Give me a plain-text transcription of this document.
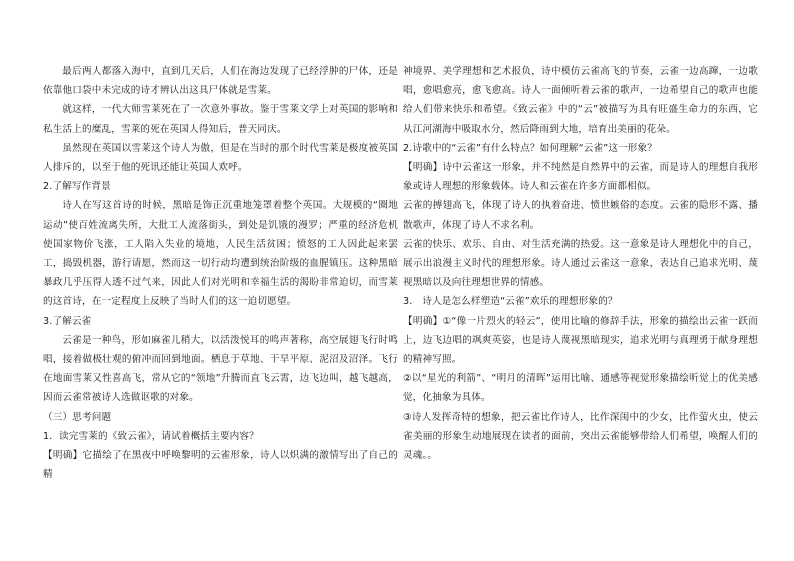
最后两人都落入海中，直到几天后，人们在海边发现了已经浮肿的尸体，还是依靠他口袋中未完成的诗才辨认出这具尸体就是雪莱。

就这样，一代大师雪莱死在了一次意外事故。鉴于雪莱文学上对英国的影响和私生活上的糜乱，雪莱的死在英国人得知后，普天同庆。

虽然现在英国以雪莱这个诗人为傲，但是在当时的那个时代雪莱是极度被英国人排斥的，以至于他的死讯还能让英国人欢呼。

2.了解写作背景

诗人在写这首诗的时候，黑暗是饰正沉重地笼罩着整个英国。大规模的“圈地运动”使百姓流离失所，大批工人流落街头，到处是饥饿的漫罗；严重的经济危机使国家物价飞涨，工人陷入失业的境地，人民生活贫困；愤怒的工人因此起来罢工，捣毁机器，游行请愿，然而这一切行动均遭到统治阶级的血腥镇压。这种黑暗暴政几乎压得人透不过气来，因此人们对光明和幸福生活的渴盼非常迫切，而雪莱的这首诗，在一定程度上反映了当时人们的这一迫切愿望。

3.了解云雀

云雀是一种鸟，形如麻雀儿稍大，以活泼悦耳的鸣声著称，高空展翅飞行时鸣唱，接着做极壮观的俯冲而回到地面。栖息于草地、干旱平原、泥沼及沼泽。飞行在地面雪莱又性喜高飞，常从它的“领地”升腾而直飞云霄，边飞边叫，越飞越高，因而云雀常被诗人选做讴歌的对象。

（三）思考问题

1．读完雪莱的《致云雀》，请试着概括主要内容？

【明确】它描绘了在黑夜中呼唤黎明的云雀形象，诗人以炽满的激情写出了自己的精

神境界、美学理想和艺术报负，诗中模仿云雀高飞的节奏，云雀一边高蹿，一边歌唱，愈唱愈亮，愈飞愈高。诗人一面倾听着云雀的歌声，一边希望自己的歌声也能给人们带来快乐和希望。《致云雀》中的“云”被描写为具有旺盛生命力的东西，它从江河湖海中吸取水分，然后降雨到大地，培育出美丽的花朵。

2.诗歌中的“云雀”有什么特点？如何理解“云雀”这一形象？

【明确】诗中云雀这一形象，并不纯然是自然界中的云雀，而是诗人的理想自我形象或诗人理想的形象载体。诗人和云雀在许多方面都相似。

云雀的搏翅高飞，体现了诗人的执着奋进、愤世嫉俗的态度。云雀的隐形不露、播散歌声，体现了诗人不求名利。

云雀的快乐、欢乐、自由、对生活充满的热爱。这一意象是诗人理想化中的自己，展示出浪漫主义时代的理想形象。诗人通过云雀这一意象，表达自己追求光明、蔑视黑暗以及向往理想世界的情感。

3.　诗人是怎么样塑造“云雀”欢乐的理想形象的？

【明确】①“像一片烈火的轻云”，使用比喻的修辞手法，形象的描绘出云雀一跃而上，边飞边唱的飒爽英姿，也是诗人蔑视黑暗现实，追求光明与真理勇于献身理想的精神写照。

②以“星光的利箭”、“明月的清晖”运用比喻、通感等视觉形象描绘听觉上的优美感觉，化抽象为具体。

③诗人发挥奇特的想象，把云雀比作诗人，比作深闺中的少女，比作萤火虫，使云雀美丽的形象生动地展现在读者的面前，突出云雀能够带给人们希望，唤醒人们的灵魂。。
